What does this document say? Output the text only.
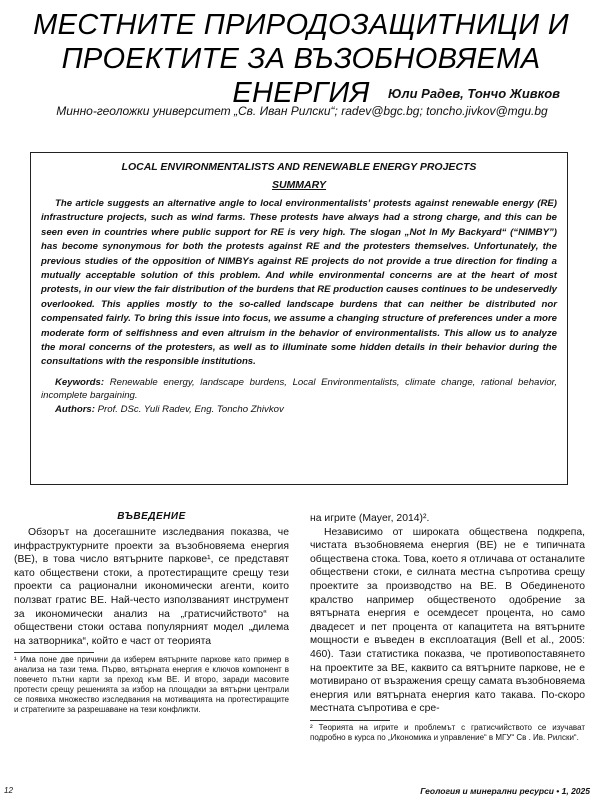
МЕСТНИТЕ ПРИРОДОЗАЩИТНИЦИ И
ПРОЕКТИТЕ ЗА ВЪЗОБНОВЯЕМА ЕНЕРГИЯ	Юли Радев, Тончо Живков
Минно-геоложки университет „Св. Иван Рилски“; radev@bgc.bg; toncho.jivkov@mgu.bg
LOCAL ENVIRONMENTALISTS AND RENEWABLE ENERGY PROJECTS
SUMMARY

The article suggests an alternative angle to local environmentalists’ protests against renewable energy (RE) infrastructure projects, such as wind farms. These protests have always had a strong charge, and this can be seen even in countries where public support for RE is very high. The slogan „Not In My Backyard“ (“NIMBY”) has become synonymous for both the protests against RE and the protesters themselves. Unfortunately, the previous studies of the opposition of NIMBYs against RE projects do not provide a true direction for finding a mutually acceptable solution of this problem. And while environmental concerns are at the heart of most protests, in our view the fair distribution of the burdens that RE production causes continues to be undeservedly overlooked. This applies mostly to the so-called landscape burdens that can neither be distributed nor compensated fairly. To bring this issue into focus, we assume a changing structure of preferences under a more moderate form of selfishness and even altruism in the behavior of environmentalists. This allow us to analyze the moral concerns of the protesters, as well as to illuminate some hidden details in their behavior during the consultations with the responsible institutions.

Keywords: Renewable energy, landscape burdens, Local Environmentalists, climate change, rational behavior, incomplete bargaining.

Authors: Prof. DSc. Yuli Radev, Eng. Toncho Zhivkov

ВЪВЕДЕНИЕ

Обзорът на досегашните изследвания показва, че инфраструктурните проекти за възобновяема енергия (ВЕ), в това число вятърните паркове¹, се представят като обществени стоки, а протестиращите срещу тези проекти са рационални икономически агенти, които ползват гратис ВЕ. Най-често използваният инструмент за икономически анализ на „гратисчийството“ на обществени стоки остава популярният модел „дилема на затворника“, който е част от теорията

¹ Има поне две причини да изберем вятърните паркове като пример в анализа на тази тема. Първо, вятърната енергия е ключов компонент в повечето пътни карти за преход към ВЕ. И второ, заради масовите протести срещу решенията за избор на площадки за вятърни централи се появиха множество изследвания на мотивацията на протестиращите и стратегиите за разрешаване на тези конфликти.

на игрите (Mayer, 2014)².

Независимо от широката обществена подкрепа, чистата възобновяема енергия (ВЕ) не е типичната обществена стока. Това, което я отличава от останалите обществени стоки, е силната местна съпротива срещу проектите за производство на ВЕ. В Обединеното кралство например общественото одобрение за вятърната енергия е осемдесет процента, но само двадесет и пет процента от капацитета на вятърните мощности е въведен в експлоатация (Bell et al., 2005: 460). Тази статистика показва, че противопоставянето на проектите за ВЕ, каквито са вятърните паркове, не е мотивирано от възражения срещу самата възобновяема енергия или вятърната енергия като такава. По-скоро местната съпротива е сре-

² Теорията на игрите и проблемът с гратисчийството се изучават подробно в курса по „Икономика и управление“ в МГУ“ Св . Ив. Рилски“.

12	Геология и минерални ресурси • 1, 2025
